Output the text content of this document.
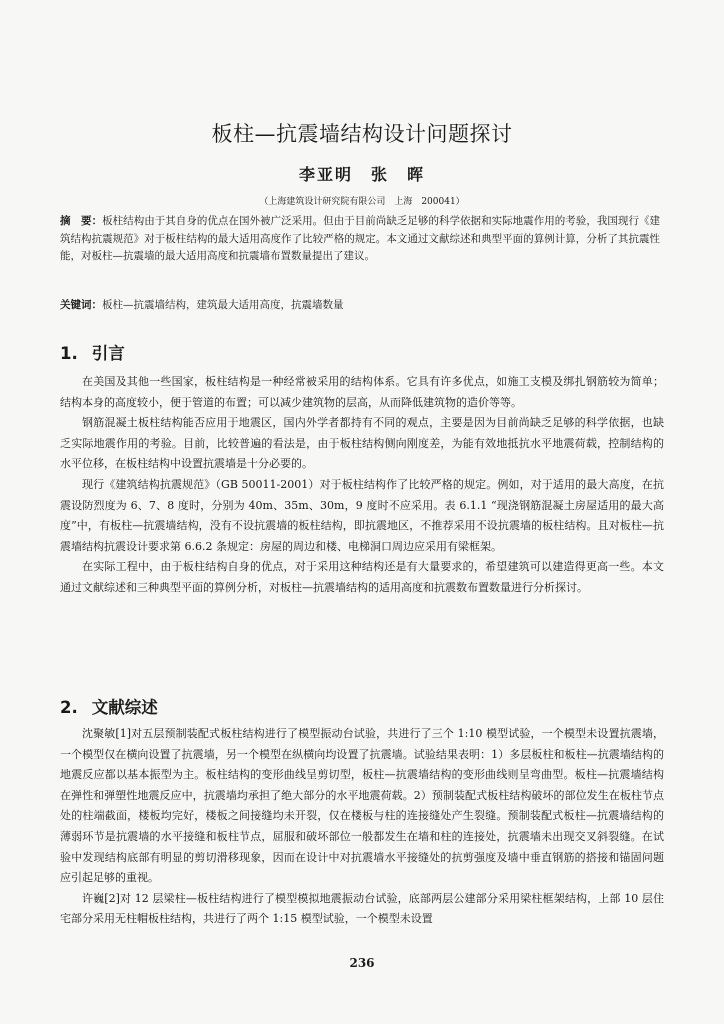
板柱—抗震墙结构设计问题探讨
李亚明　张　晖
（上海建筑设计研究院有限公司　上海　200041）
摘　要：板柱结构由于其自身的优点在国外被广泛采用。但由于目前尚缺乏足够的科学依据和实际地震作用的考验，我国现行《建筑结构抗震规范》对于板柱结构的最大适用高度作了比较严格的规定。本文通过文献综述和典型平面的算例计算，分析了其抗震性能，对板柱—抗震墙的最大适用高度和抗震墙布置数量提出了建议。
关键词：板柱—抗震墙结构，建筑最大适用高度，抗震墙数量
1. 引言

在美国及其他一些国家，板柱结构是一种经常被采用的结构体系。它具有许多优点，如施工支模及绑扎钢筋较为简单；结构本身的高度较小，便于管道的布置；可以减少建筑物的层高，从而降低建筑物的造价等等。

钢筋混凝土板柱结构能否应用于地震区，国内外学者都持有不同的观点，主要是因为目前尚缺乏足够的科学依据，也缺乏实际地震作用的考验。目前，比较普遍的看法是，由于板柱结构侧向刚度差，为能有效地抵抗水平地震荷载，控制结构的水平位移，在板柱结构中设置抗震墙是十分必要的。

现行《建筑结构抗震规范》（GB 50011-2001）对于板柱结构作了比较严格的规定。例如，对于适用的最大高度，在抗震设防烈度为 6、7、8 度时，分别为 40m、35m、30m，9 度时不应采用。表 6.1.1 “现浇钢筋混凝土房屋适用的最大高度”中，有板柱—抗震墙结构，没有不设抗震墙的板柱结构，即抗震地区，不推荐采用不设抗震墙的板柱结构。且对板柱—抗震墙结构抗震设计要求第 6.6.2 条规定：房屋的周边和楼、电梯洞口周边应采用有梁框架。

在实际工程中，由于板柱结构自身的优点，对于采用这种结构还是有大量要求的，希望建筑可以建造得更高一些。本文通过文献综述和三种典型平面的算例分析，对板柱—抗震墙结构的适用高度和抗震数布置数量进行分析探讨。

2. 文献综述

沈聚敏[1]对五层预制装配式板柱结构进行了模型振动台试验，共进行了三个 1:10 模型试验，一个模型未设置抗震墙，一个模型仅在横向设置了抗震墙，另一个模型在纵横向均设置了抗震墙。试验结果表明：1）多层板柱和板柱—抗震墙结构的地震反应都以基本振型为主。板柱结构的变形曲线呈剪切型，板柱—抗震墙结构的变形曲线则呈弯曲型。板柱—抗震墙结构在弹性和弹塑性地震反应中，抗震墙均承担了绝大部分的水平地震荷载。2）预制装配式板柱结构破坏的部位发生在板柱节点处的柱端截面，楼板均完好，楼板之间接缝均未开裂，仅在楼板与柱的连接缝处产生裂缝。预制装配式板柱—抗震墙结构的薄弱环节是抗震墙的水平接缝和板柱节点，屈服和破坏部位一般都发生在墙和柱的连接处，抗震墙未出现交叉斜裂缝。在试验中发现结构底部有明显的剪切滑移现象，因而在设计中对抗震墙水平接缝处的抗剪强度及墙中垂直钢筋的搭接和锚固问题应引起足够的重视。

许巍[2]对 12 层梁柱—板柱结构进行了模型模拟地震振动台试验，底部两层公建部分采用梁柱框架结构，上部 10 层住宅部分采用无柱帽板柱结构，共进行了两个 1:15 模型试验，一个模型未设置

236
